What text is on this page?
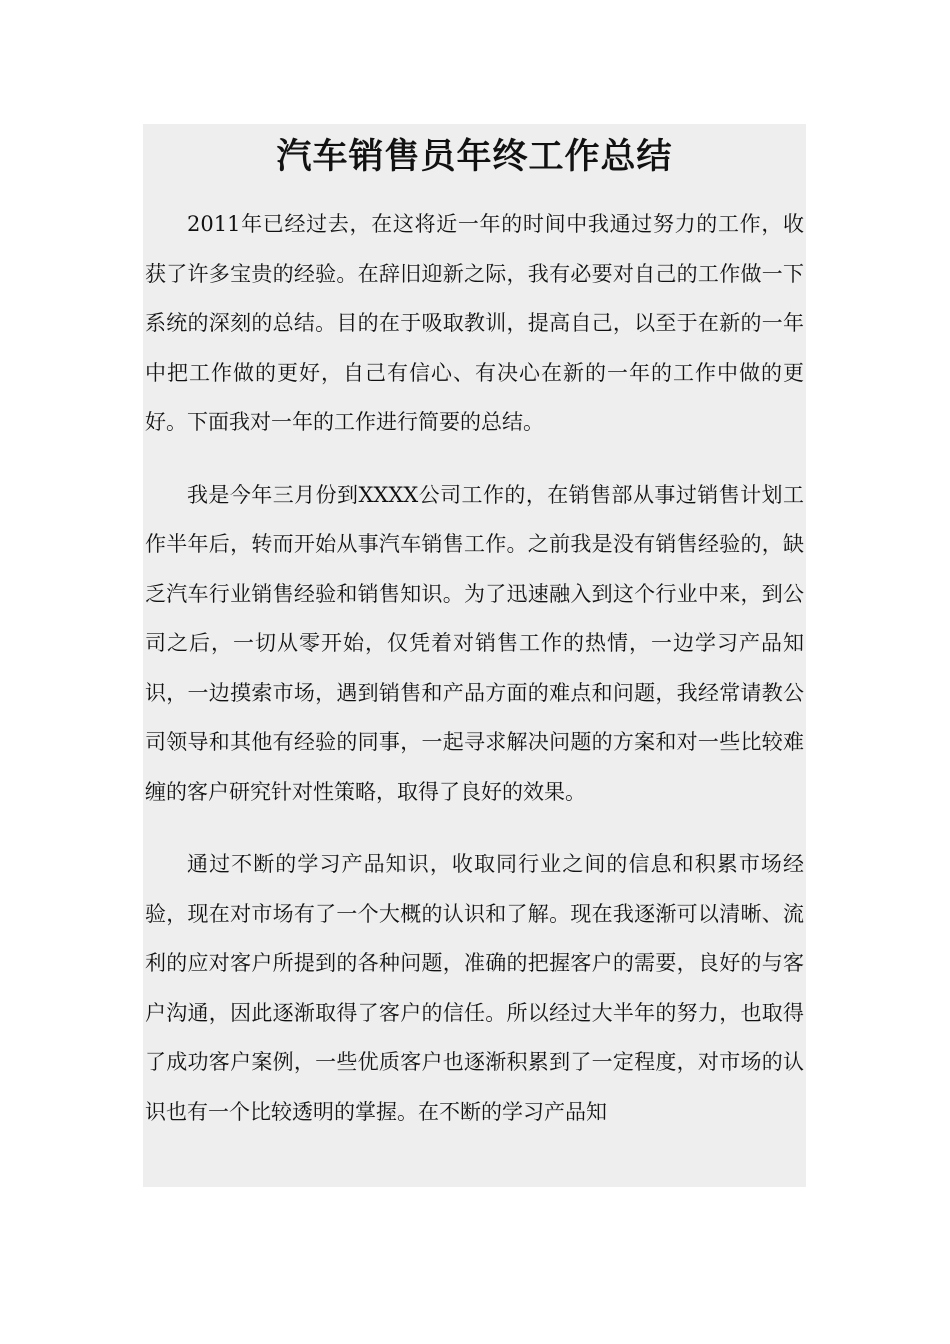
汽车销售员年终工作总结

2011年已经过去，在这将近一年的时间中我通过努力的工作，收获了许多宝贵的经验。在辞旧迎新之际，我有必要对自己的工作做一下系统的深刻的总结。目的在于吸取教训，提高自己，以至于在新的一年中把工作做的更好，自己有信心、有决心在新的一年的工作中做的更好。下面我对一年的工作进行简要的总结。

我是今年三月份到XXXX公司工作的，在销售部从事过销售计划工作半年后，转而开始从事汽车销售工作。之前我是没有销售经验的，缺乏汽车行业销售经验和销售知识。为了迅速融入到这个行业中来，到公司之后，一切从零开始，仅凭着对销售工作的热情，一边学习产品知识，一边摸索市场，遇到销售和产品方面的难点和问题，我经常请教公司领导和其他有经验的同事，一起寻求解决问题的方案和对一些比较难缠的客户研究针对性策略，取得了良好的效果。

通过不断的学习产品知识，收取同行业之间的信息和积累市场经验，现在对市场有了一个大概的认识和了解。现在我逐渐可以清晰、流利的应对客户所提到的各种问题，准确的把握客户的需要，良好的与客户沟通，因此逐渐取得了客户的信任。所以经过大半年的努力，也取得了成功客户案例，一些优质客户也逐渐积累到了一定程度，对市场的认识也有一个比较透明的掌握。在不断的学习产品知
